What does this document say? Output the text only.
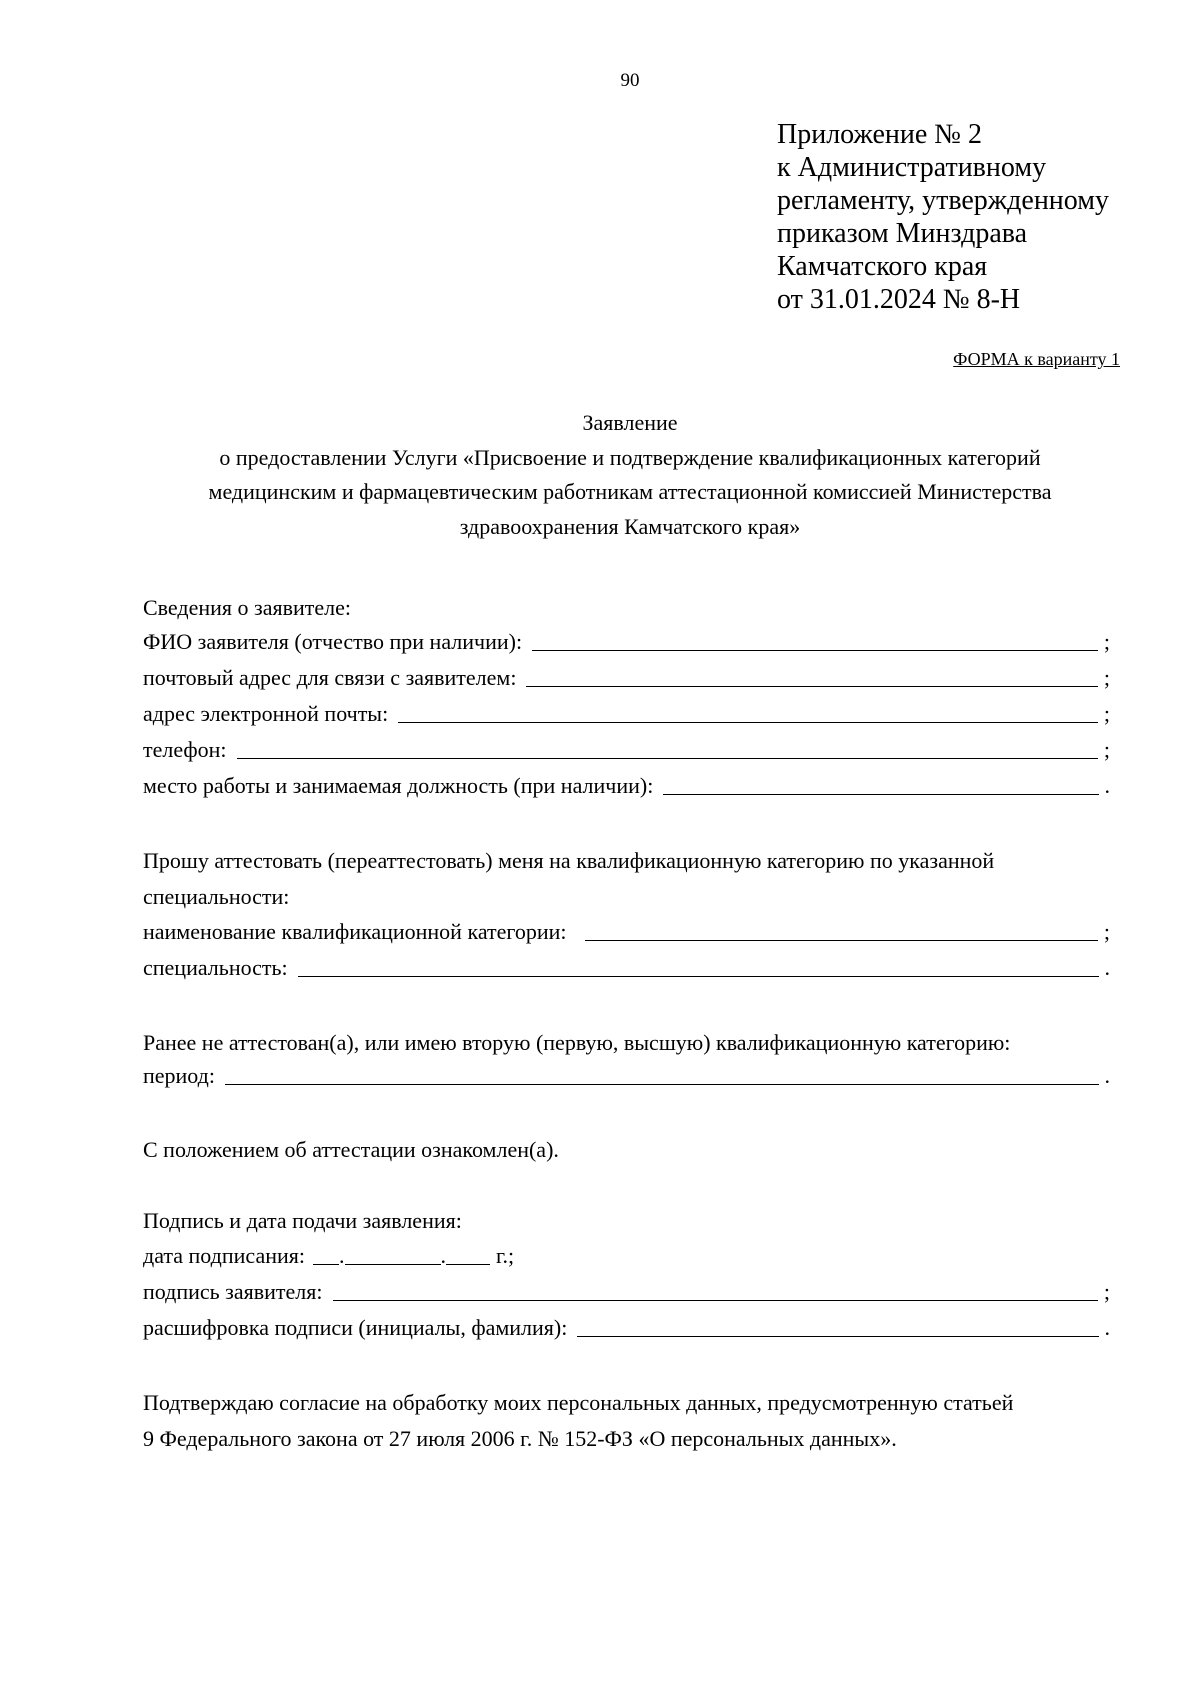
90
Приложение № 2
к Административному
регламенту, утвержденному
приказом Минздрава
Камчатского края
от 31.01.2024 № 8-Н
ФОРМА к варианту 1
Заявление
о предоставлении Услуги «Присвоение и подтверждение квалификационных категорий
медицинским и фармацевтическим работникам аттестационной комиссией Министерства
здравоохранения Камчатского края»
Сведения о заявителе:
ФИО заявителя (отчество при наличии):	;
почтовый адрес для связи с заявителем:	;
адрес электронной почты:	;
телефон:	;
место работы и занимаемая должность (при наличии):	.
Прошу аттестовать (переаттестовать) меня на квалификационную категорию по указанной
специальности:
наименование квалификационной категории:	;
специальность:	.
Ранее не аттестован(а), или имею вторую (первую, высшую) квалификационную категорию:
период:	.
С положением об аттестации ознакомлен(а).
Подпись и дата подачи заявления:
дата подписания: .	. г.;
подпись заявителя:	;
расшифровка подписи (инициалы, фамилия):	.
Подтверждаю согласие на обработку моих персональных данных, предусмотренную статьей
9 Федерального закона от 27 июля 2006 г. № 152-ФЗ «О персональных данных».
